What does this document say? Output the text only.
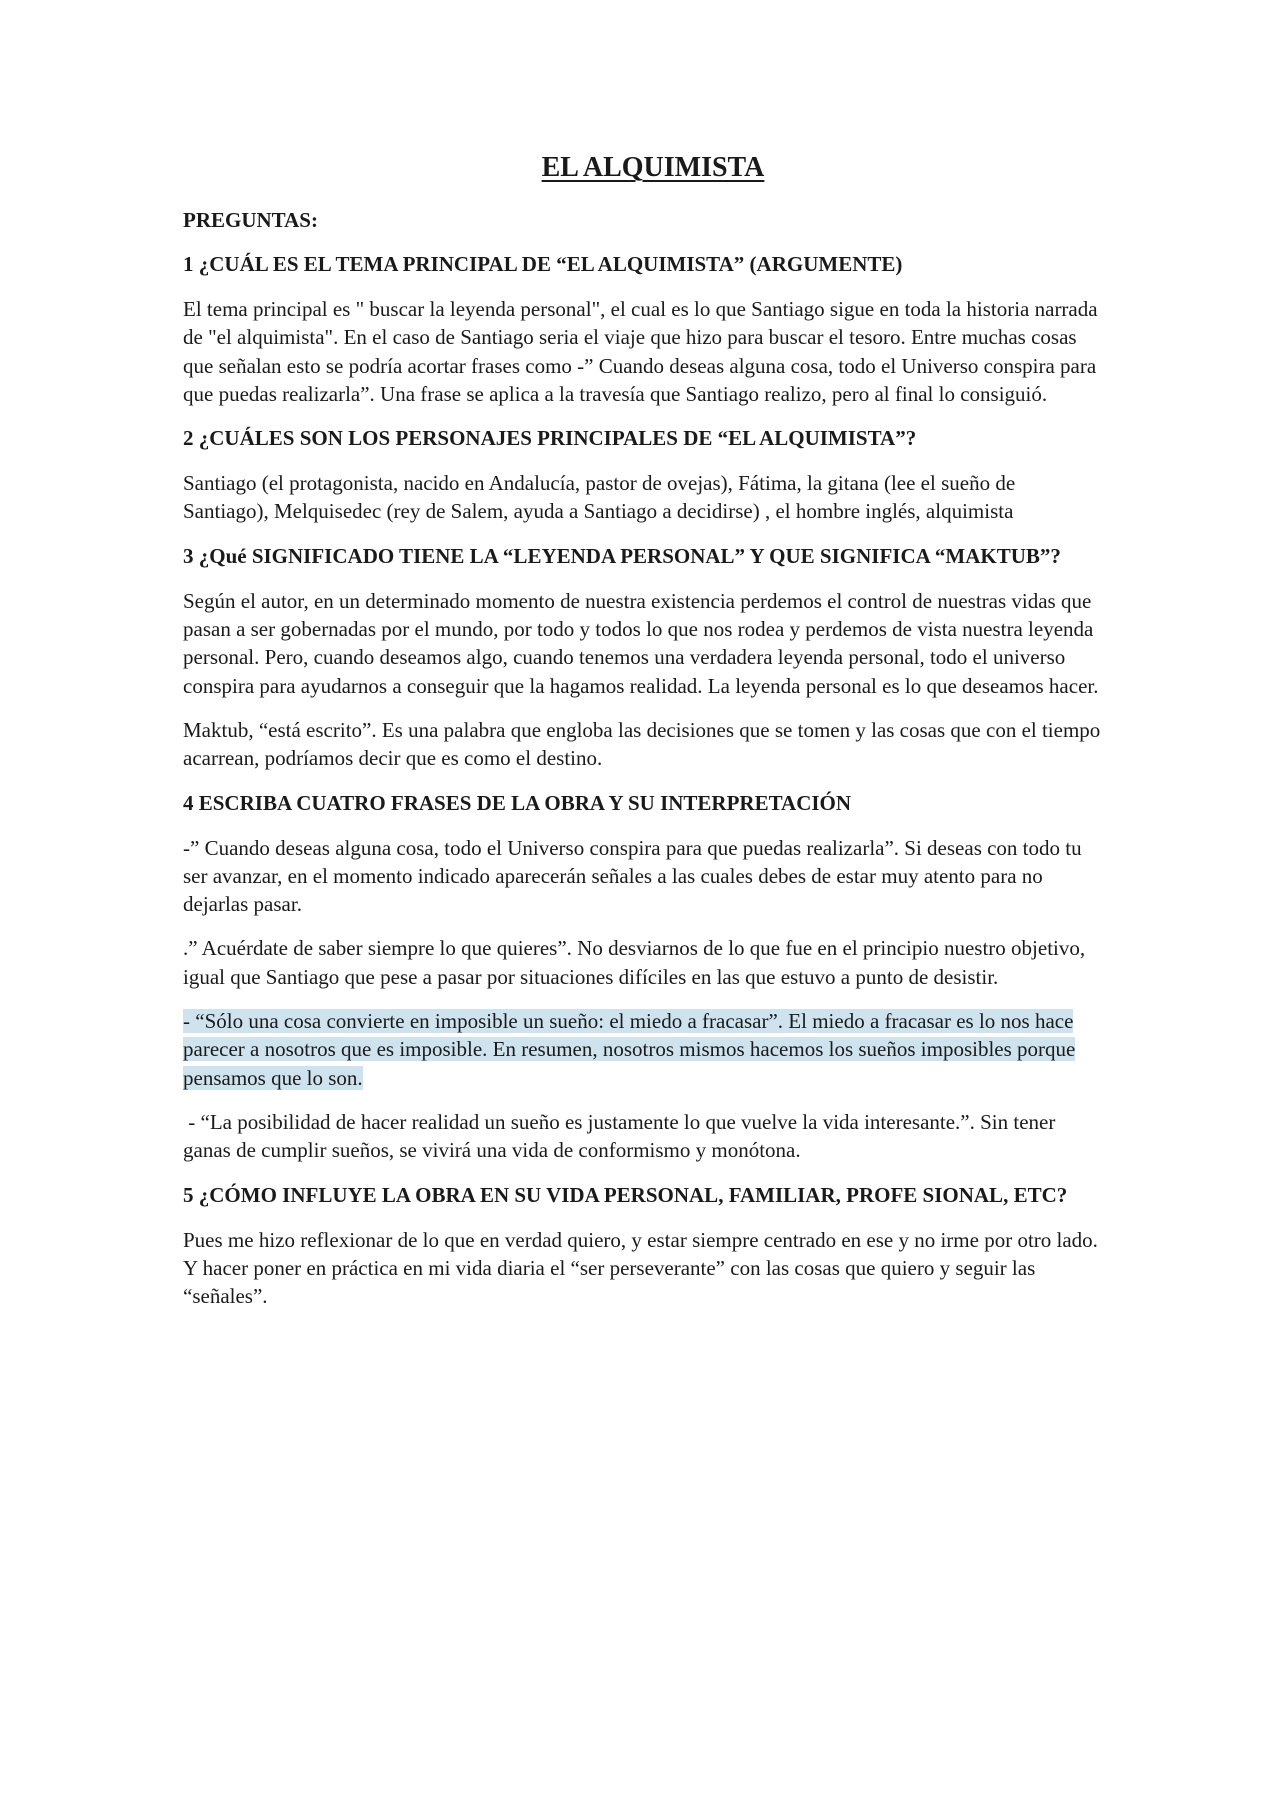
EL ALQUIMISTA
PREGUNTAS:
1 ¿CUÁL ES EL TEMA PRINCIPAL DE “EL ALQUIMISTA” (ARGUMENTE)
El tema principal es " buscar la leyenda personal", el cual es lo que Santiago sigue en toda la historia narrada de "el alquimista". En el caso de Santiago seria el viaje que hizo para buscar el tesoro. Entre muchas cosas que señalan esto se podría acortar frases como -” Cuando deseas alguna cosa, todo el Universo conspira para que puedas realizarla”. Una frase se aplica a la travesía que Santiago realizo, pero al final lo consiguió.
2 ¿CUÁLES SON LOS PERSONAJES PRINCIPALES DE “EL ALQUIMISTA”?
Santiago (el protagonista, nacido en Andalucía, pastor de ovejas), Fátima, la gitana (lee el sueño de Santiago), Melquisedec (rey de Salem, ayuda a Santiago a decidirse) , el hombre inglés, alquimista
3 ¿Qué SIGNIFICADO TIENE LA “LEYENDA PERSONAL” Y QUE SIGNIFICA “MAKTUB”?
Según el autor, en un determinado momento de nuestra existencia perdemos el control de nuestras vidas que pasan a ser gobernadas por el mundo, por todo y todos lo que nos rodea y perdemos de vista nuestra leyenda personal. Pero, cuando deseamos algo, cuando tenemos una verdadera leyenda personal, todo el universo conspira para ayudarnos a conseguir que la hagamos realidad. La leyenda personal es lo que deseamos hacer.
Maktub, “está escrito”. Es una palabra que engloba las decisiones que se tomen y las cosas que con el tiempo acarrean, podríamos decir que es como el destino.
4 ESCRIBA CUATRO FRASES DE LA OBRA Y SU INTERPRETACIÓN
-” Cuando deseas alguna cosa, todo el Universo conspira para que puedas realizarla”. Si deseas con todo tu ser avanzar, en el momento indicado aparecerán señales a las cuales debes de estar muy atento para no dejarlas pasar.
.” Acuérdate de saber siempre lo que quieres”. No desviarnos de lo que fue en el principio nuestro objetivo, igual que Santiago que pese a pasar por situaciones difíciles en las que estuvo a punto de desistir.
- “Sólo una cosa convierte en imposible un sueño: el miedo a fracasar”. El miedo a fracasar es lo nos hace parecer a nosotros que es imposible. En resumen, nosotros mismos hacemos los sueños imposibles porque pensamos que lo son.
- “La posibilidad de hacer realidad un sueño es justamente lo que vuelve la vida interesante.”. Sin tener ganas de cumplir sueños, se vivirá una vida de conformismo y monótona.
5 ¿CÓMO INFLUYE LA OBRA EN SU VIDA PERSONAL, FAMILIAR, PROFE SIONAL, ETC?
Pues me hizo reflexionar de lo que en verdad quiero, y estar siempre centrado en ese y no irme por otro lado. Y hacer poner en práctica en mi vida diaria el “ser perseverante” con las cosas que quiero y seguir las “señales”.
